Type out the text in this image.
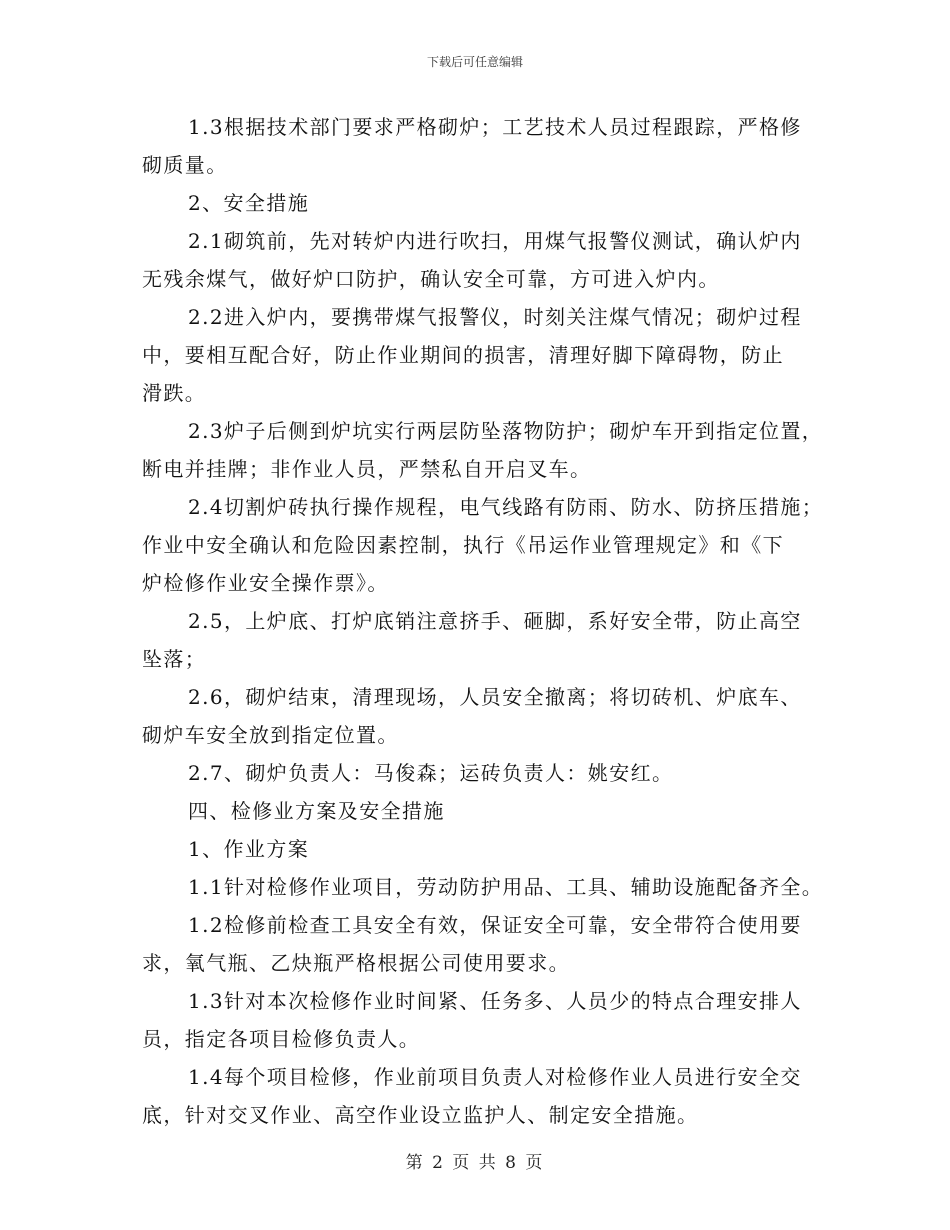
下载后可任意编辑
1.3根据技术部门要求严格砌炉；工艺技术人员过程跟踪，严格修
砌质量。
2、安全措施
2.1砌筑前，先对转炉内进行吹扫，用煤气报警仪测试，确认炉内
无残余煤气，做好炉口防护，确认安全可靠，方可进入炉内。
2.2进入炉内，要携带煤气报警仪，时刻关注煤气情况；砌炉过程
中，要相互配合好，防止作业期间的损害，清理好脚下障碍物，防止
滑跌。
2.3炉子后侧到炉坑实行两层防坠落物防护；砌炉车开到指定位置，
断电并挂牌；非作业人员，严禁私自开启叉车。
2.4切割炉砖执行操作规程，电气线路有防雨、防水、防挤压措施；
作业中安全确认和危险因素控制，执行《吊运作业管理规定》和《下
炉检修作业安全操作票》。
2.5，上炉底、打炉底销注意挤手、砸脚，系好安全带，防止高空
坠落；
2.6，砌炉结束，清理现场，人员安全撤离；将切砖机、炉底车、
砌炉车安全放到指定位置。
2.7、砌炉负责人：马俊森；运砖负责人：姚安红。
四、检修业方案及安全措施
1、作业方案
1.1针对检修作业项目，劳动防护用品、工具、辅助设施配备齐全。
1.2检修前检查工具安全有效，保证安全可靠，安全带符合使用要
求，氧气瓶、乙炔瓶严格根据公司使用要求。
1.3针对本次检修作业时间紧、任务多、人员少的特点合理安排人
员，指定各项目检修负责人。
1.4每个项目检修，作业前项目负责人对检修作业人员进行安全交
底，针对交叉作业、高空作业设立监护人、制定安全措施。
第 2 页 共 8 页
